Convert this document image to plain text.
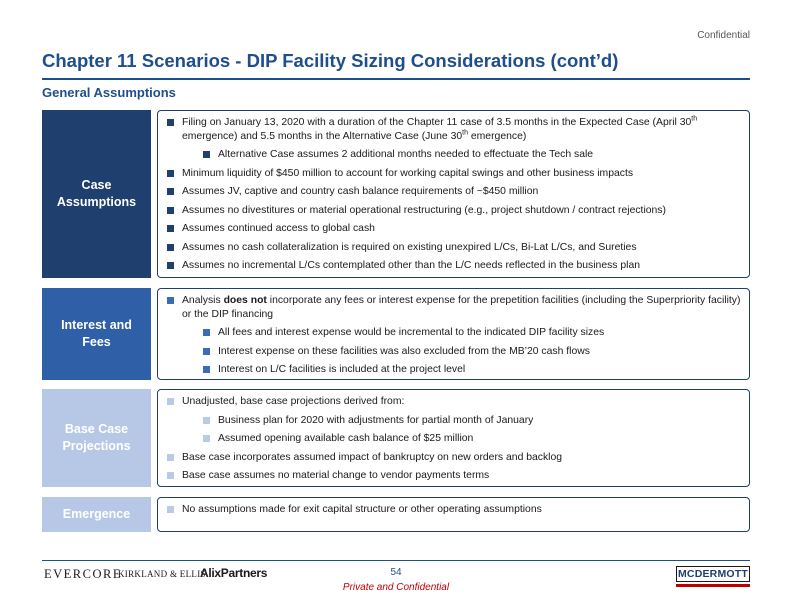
Confidential
Chapter 11 Scenarios - DIP Facility Sizing Considerations (cont’d)
General Assumptions
Case
Assumptions
Filing on January 13, 2020 with a duration of the Chapter 11 case of 3.5 months in the Expected Case (April 30th emergence) and 5.5 months in the Alternative Case (June 30th emergence)
Alternative Case assumes 2 additional months needed to effectuate the Tech sale
Minimum liquidity of $450 million to account for working capital swings and other business impacts
Assumes JV, captive and country cash balance requirements of ~$450 million
Assumes no divestitures or material operational restructuring (e.g., project shutdown / contract rejections)
Assumes continued access to global cash
Assumes no cash collateralization is required on existing unexpired L/Cs, Bi-Lat L/Cs, and Sureties
Assumes no incremental L/Cs contemplated other than the L/C needs reflected in the business plan
Interest and Fees
Analysis does not incorporate any fees or interest expense for the prepetition facilities (including the Superpriority facility) or the DIP financing
All fees and interest expense would be incremental to the indicated DIP facility sizes
Interest expense on these facilities was also excluded from the MB’20 cash flows
Interest on L/C facilities is included at the project level
Base Case
Projections
Unadjusted, base case projections derived from:
Business plan for 2020 with adjustments for partial month of January
Assumed opening available cash balance of $25 million
Base case incorporates assumed impact of bankruptcy on new orders and backlog
Base case assumes no material change to vendor payments terms
Emergence	No assumptions made for exit capital structure or other operating assumptions
EVERCORE
KIRKLAND & ELLIS
AlixPartners	54
Private and Confidential
MCDERMOTT
